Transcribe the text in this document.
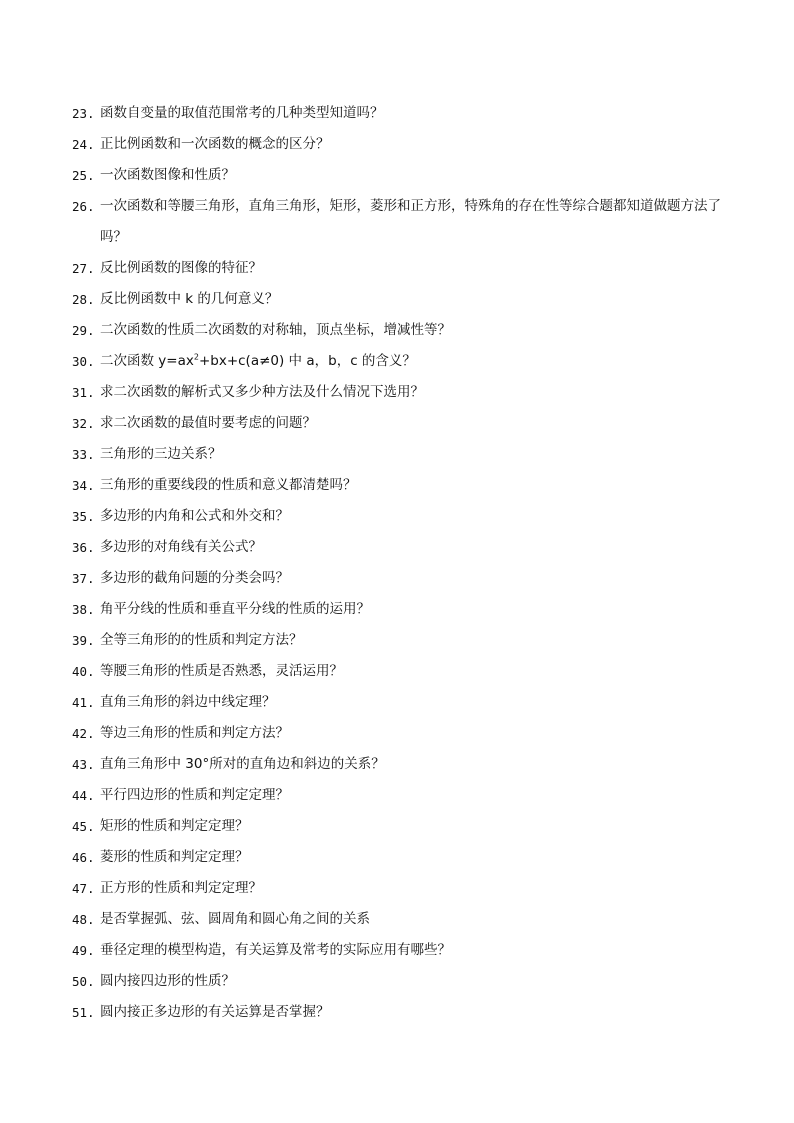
23. 函数自变量的取值范围常考的几种类型知道吗？
24. 正比例函数和一次函数的概念的区分？
25. 一次函数图像和性质？
26. 一次函数和等腰三角形，直角三角形，矩形，菱形和正方形，特殊角的存在性等综合题都知道做题方法了吗？
27. 反比例函数的图像的特征？
28. 反比例函数中 k 的几何意义？
29. 二次函数的性质二次函数的对称轴，顶点坐标，增减性等？
30. 二次函数 $y=ax^2+bx+c(a\ne 0)$ 中 a，b，c 的含义？
31. 求二次函数的解析式又多少种方法及什么情况下选用？
32. 求二次函数的最值时要考虑的问题？
33. 三角形的三边关系？
34. 三角形的重要线段的性质和意义都清楚吗？
35. 多边形的内角和公式和外交和？
36. 多边形的对角线有关公式？
37. 多边形的截角问题的分类会吗？
38. 角平分线的性质和垂直平分线的性质的运用？
39. 全等三角形的的性质和判定方法？
40. 等腰三角形的性质是否熟悉，灵活运用？
41. 直角三角形的斜边中线定理？
42. 等边三角形的性质和判定方法？
43. 直角三角形中 30°所对的直角边和斜边的关系？
44. 平行四边形的性质和判定定理？
45. 矩形的性质和判定定理？
46. 菱形的性质和判定定理？
47. 正方形的性质和判定定理？
48. 是否掌握弧、弦、圆周角和圆心角之间的关系
49. 垂径定理的模型构造，有关运算及常考的实际应用有哪些？
50. 圆内接四边形的性质？
51. 圆内接正多边形的有关运算是否掌握？
